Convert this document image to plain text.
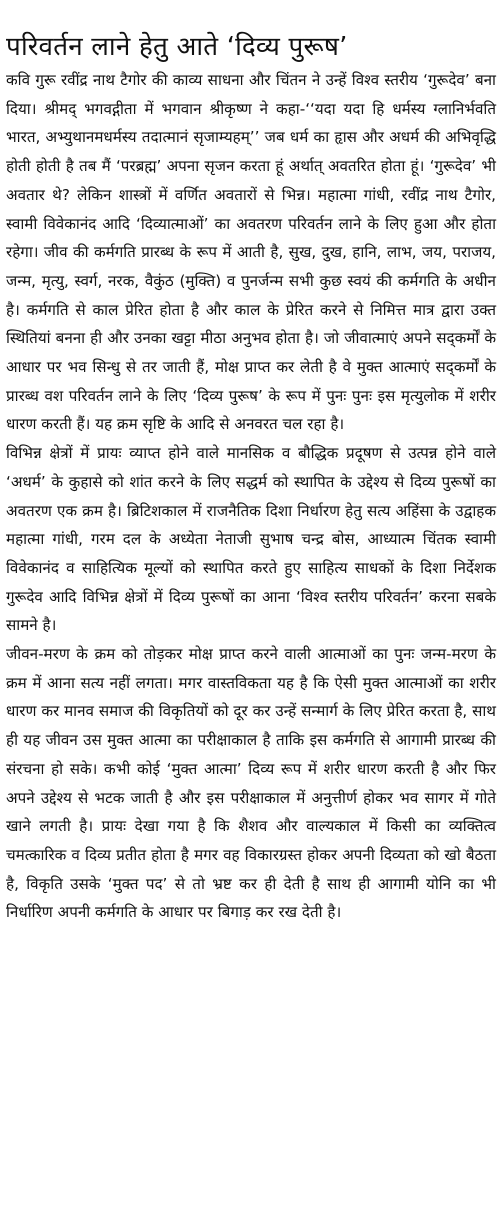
परिवर्तन लाने हेतु आते ‘दिव्य पुरूष’

कवि गुरू रवींद्र नाथ टैगोर की काव्य साधना और चिंतन ने उन्हें विश्व स्तरीय ‘गुरूदेव’ बना दिया। श्रीमद् भगवद्गीता में भगवान श्रीकृष्ण ने कहा-‘‘यदा यदा हि धर्मस्य ग्लानिर्भवति भारत, अभ्युथानमधर्मस्य तदात्मानं सृजाम्यहम्’’ जब धर्म का हृास और अधर्म की अभिवृद्धि होती होती है तब मैं ‘परब्रह्म’ अपना सृजन करता हूं अर्थात् अवतरित होता हूं। ‘गुरूदेव’ भी अवतार थे? लेकिन शास्त्रों में वर्णित अवतारों से भिन्न। महात्मा गांधी, रवींद्र नाथ टैगोर, स्वामी विवेकानंद आदि ‘दिव्यात्माओं’ का अवतरण परिवर्तन लाने के लिए हुआ और होता रहेगा। जीव की कर्मगति प्रारब्ध के रूप में आती है, सुख, दुख, हानि, लाभ, जय, पराजय, जन्म, मृत्यु, स्वर्ग, नरक, वैकुंठ (मुक्ति) व पुनर्जन्म सभी कुछ स्वयं की कर्मगति के अधीन है। कर्मगति से काल प्रेरित होता है और काल के प्रेरित करने से निमित्त मात्र द्वारा उक्त स्थितियां बनना ही और उनका खट्टा मीठा अनुभव होता है। जो जीवात्माएं अपने सद्कर्मों के आधार पर भव सिन्धु से तर जाती हैं, मोक्ष प्राप्त कर लेती है वे मुक्त आत्माएं सद्कर्मों के प्रारब्ध वश परिवर्तन लाने के लिए ‘दिव्य पुरूष’ के रूप में पुनः पुनः इस मृत्युलोक में शरीर धारण करती हैं। यह क्रम सृष्टि के आदि से अनवरत चल रहा है।

विभिन्न क्षेत्रों में प्रायः व्याप्त होने वाले मानसिक व बौद्धिक प्रदूषण से उत्पन्न होने वाले ‘अधर्म’ के कुहासे को शांत करने के लिए सद्धर्म को स्थापित के उद्देश्य से दिव्य पुरूषों का अवतरण एक क्रम है। ब्रिटिशकाल में राजनैतिक दिशा निर्धारण हेतु सत्य अहिंसा के उद्वाहक महात्मा गांधी, गरम दल के अध्येता नेताजी सुभाष चन्द्र बोस, आध्यात्म चिंतक स्वामी विवेकानंद व साहित्यिक मूल्यों को स्थापित करते हुए साहित्य साधकों के दिशा निर्देशक गुरूदेव आदि विभिन्न क्षेत्रों में दिव्य पुरूषों का आना ‘विश्व स्तरीय परिवर्तन’ करना सबके सामने है।

जीवन-मरण के क्रम को तोड़कर मोक्ष प्राप्त करने वाली आत्माओं का पुनः जन्म-मरण के क्रम में आना सत्य नहीं लगता। मगर वास्तविकता यह है कि ऐसी मुक्त आत्माओं का शरीर धारण कर मानव समाज की विकृतियों को दूर कर उन्हें सन्मार्ग के लिए प्रेरित करता है, साथ ही यह जीवन उस मुक्त आत्मा का परीक्षाकाल है ताकि इस कर्मगति से आगामी प्रारब्ध की संरचना हो सके। कभी कोई ‘मुक्त आत्मा’ दिव्य रूप में शरीर धारण करती है और फिर अपने उद्देश्य से भटक जाती है और इस परीक्षाकाल में अनुत्तीर्ण होकर भव सागर में गोते खाने लगती है। प्रायः देखा गया है कि शैशव और वाल्यकाल में किसी का व्यक्तित्व चमत्कारिक व दिव्य प्रतीत होता है मगर वह विकारग्रस्त होकर अपनी दिव्यता को खो बैठता है, विकृति उसके ‘मुक्त पद’ से तो भ्रष्ट कर ही देती है साथ ही आगामी योनि का भी निर्धारिण अपनी कर्मगति के आधार पर बिगाड़ कर रख देती है।
